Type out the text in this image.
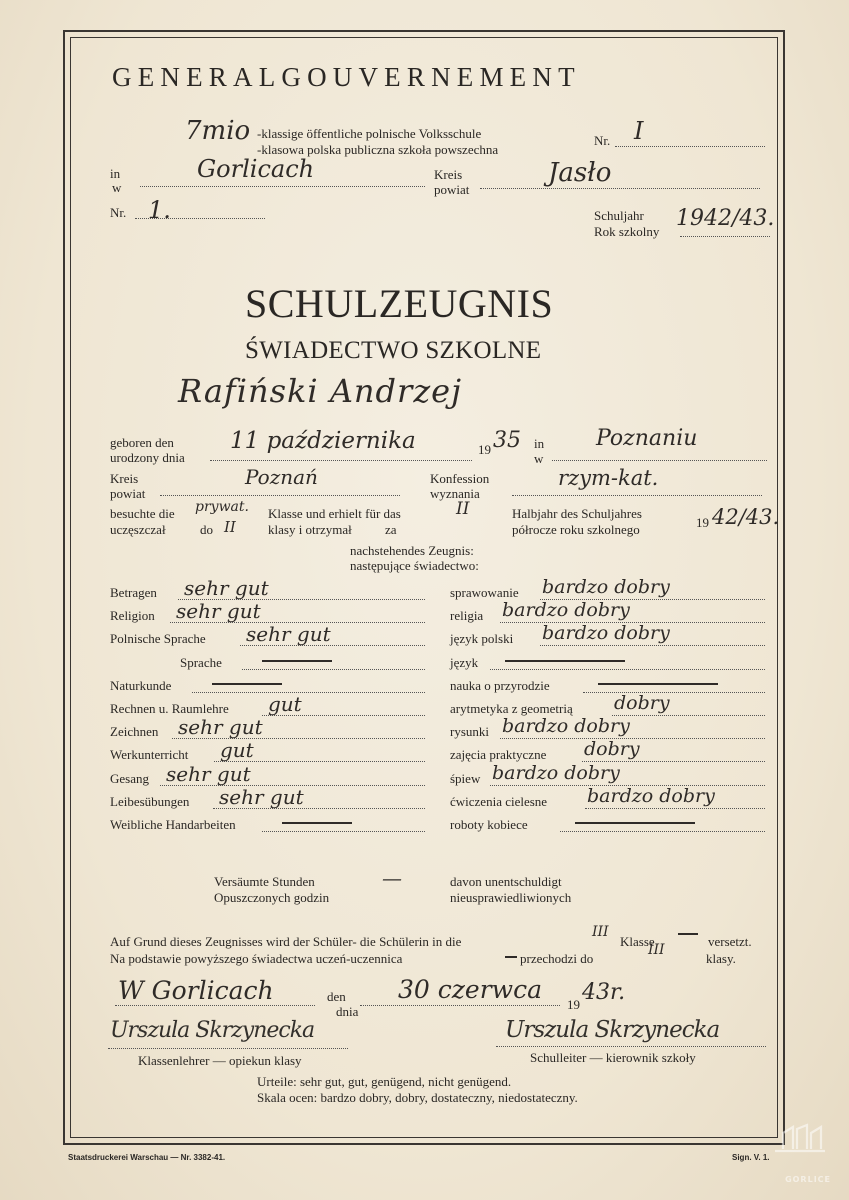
GENERALGOUVERNEMENT
7mio -klassige öffentliche polnische Volksschule
-klasowa polska publiczna szkoła powszechna
Nr. I
in
w
Gorlicach	Kreis
powiat
Jasło
Nr. 1.	Schuljahr
Rok szkolny
1942/43.
SCHULZEUGNIS
ŚWIADECTWO SZKOLNE
Rafiński Andrzej
geboren den
urodzony dnia
11 października	19 35 in
w
Poznaniu
Kreis
powiat
Poznań	Konfession
wyznania
rzym-kat.
besuchte die prywat. Klasse und erhielt für das	II	Halbjahr des Schuljahres
uczęszczał	do II klasy i otrzymał	za	półrocze roku szkolnego	19 42/43.
nachstehendes Zeugnis:
następujące świadectwo:
Betragen sehr gut	sprawowanie bardzo dobry
Religion sehr gut	religia bardzo dobry
Polnische Sprache sehr gut	język polski bardzo dobry
Sprache	język
Naturkunde	nauka o przyrodzie
Rechnen u. Raumlehre gut	arytmetyka z geometrią dobry
Zeichnen sehr gut	rysunki bardzo dobry
Werkunterricht gut	zajęcia praktyczne dobry
Gesang sehr gut	śpiew bardzo dobry
Leibesübungen sehr gut	ćwiczenia cielesne bardzo dobry
Weibliche Handarbeiten	roboty kobiece
Versäumte Stunden
Opuszczonych godzin
—	davon unentschuldigt
nieusprawiedliwionych
Auf Grund dieses Zeugnisses wird der Schüler- die Schülerin in die
III
Klasse	versetzt.
Na podstawie powyższego świadectwa uczeń-uczennica	przechodzi do
III
klasy.
W Gorlicach	den
dnia
30 czerwca
19 43r.
Urszula Skrzynecka
Klassenlehrer — opiekun klasy
Urszula Skrzynecka
Schulleiter — kierownik szkoły
Urteile: sehr gut, gut, genügend, nicht genügend.
Skala ocen: bardzo dobry, dobry, dostateczny, niedostateczny.
Staatsdruckerei Warschau — Nr. 3382-41.	Sign. V. 1.
GORLICE
